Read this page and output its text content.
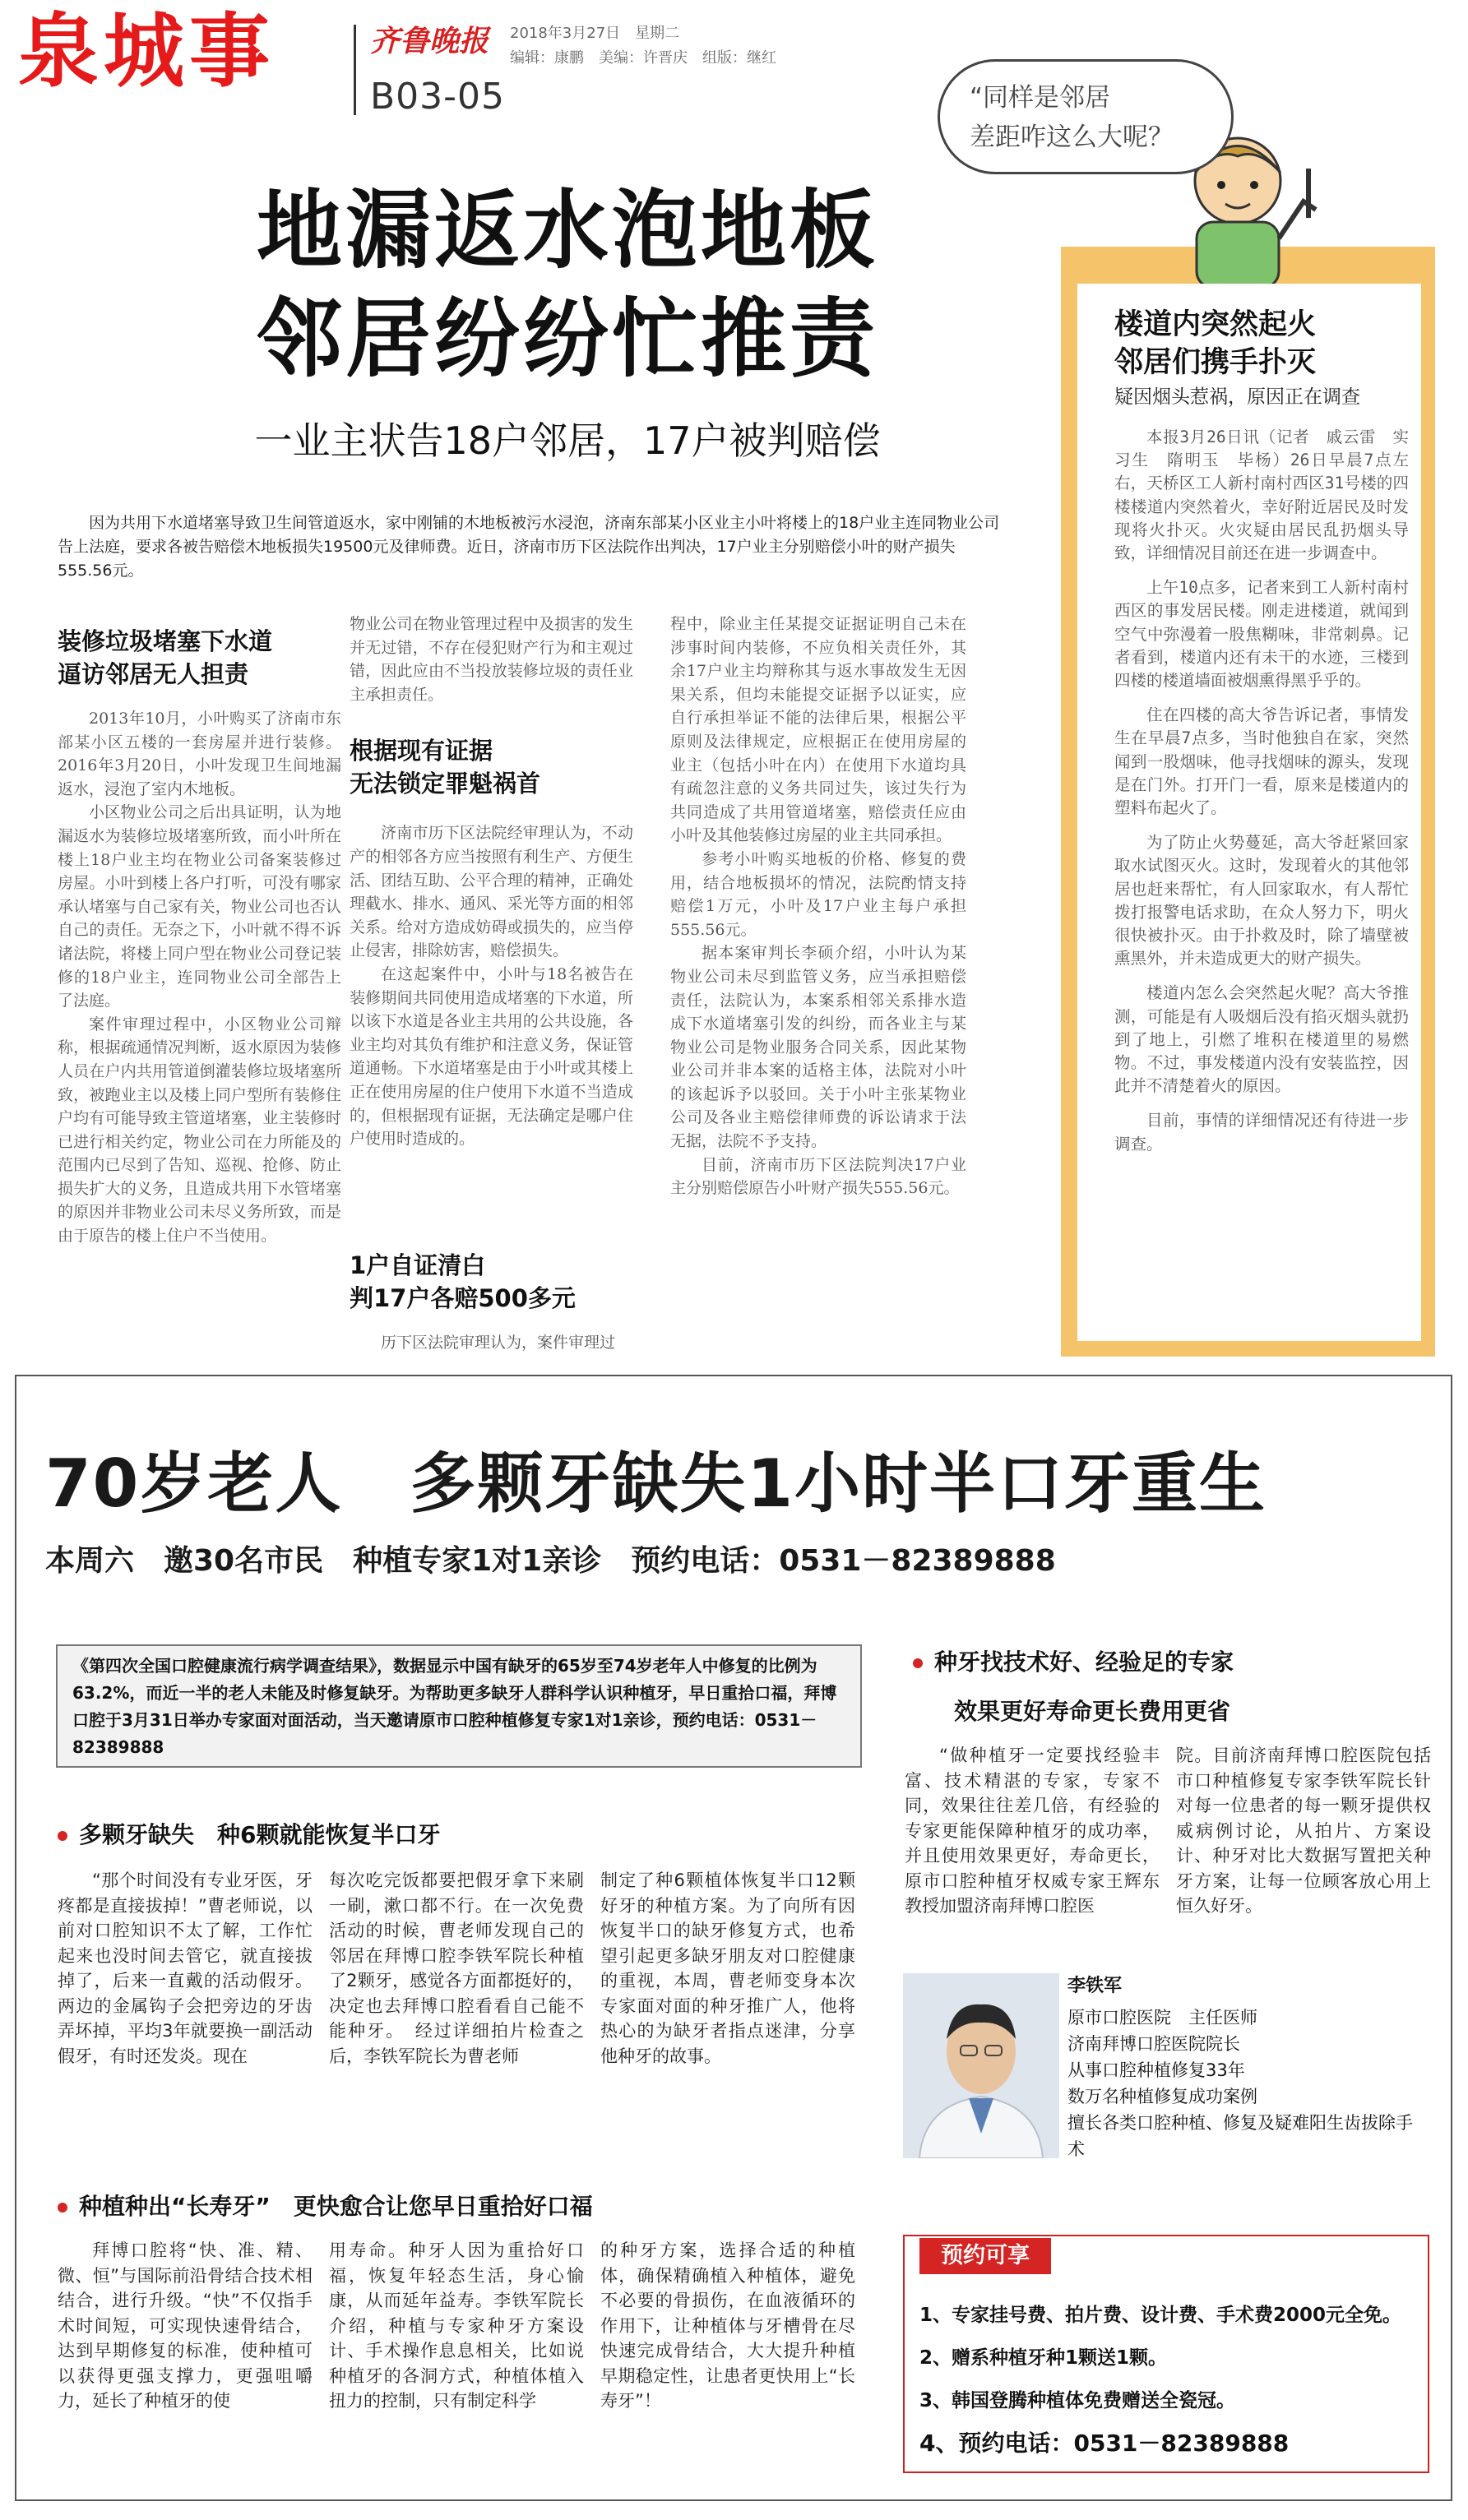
泉城事	齐鲁晚报 2018年3月27日　星期二
编辑：康鹏　美编：许晋庆　组版：继红
B03-05	“同样是邻居
差距咋这么大呢？
楼道内突然起火
邻居们携手扑灭
疑因烟头惹祸，原因正在调查

本报3月26日讯（记者　戚云雷　实习生　隋明玉　毕杨）26日早晨7点左右，天桥区工人新村南村西区31号楼的四楼楼道内突然着火，幸好附近居民及时发现将火扑灭。火灾疑由居民乱扔烟头导致，详细情况目前还在进一步调查中。

上午10点多，记者来到工人新村南村西区的事发居民楼。刚走进楼道，就闻到空气中弥漫着一股焦糊味，非常刺鼻。记者看到，楼道内还有未干的水迹，三楼到四楼的楼道墙面被烟熏得黑乎乎的。

住在四楼的高大爷告诉记者，事情发生在早晨7点多，当时他独自在家，突然闻到一股烟味，他寻找烟味的源头，发现是在门外。打开门一看，原来是楼道内的塑料布起火了。

为了防止火势蔓延，高大爷赶紧回家取水试图灭火。这时，发现着火的其他邻居也赶来帮忙，有人回家取水，有人帮忙拨打报警电话求助，在众人努力下，明火很快被扑灭。由于扑救及时，除了墙壁被熏黑外，并未造成更大的财产损失。

楼道内怎么会突然起火呢？高大爷推测，可能是有人吸烟后没有掐灭烟头就扔到了地上，引燃了堆积在楼道里的易燃物。不过，事发楼道内没有安装监控，因此并不清楚着火的原因。

目前，事情的详细情况还有待进一步调查。

地漏返水泡地板
邻居纷纷忙推责
一业主状告18户邻居，17户被判赔偿
　　因为共用下水道堵塞导致卫生间管道返水，家中刚铺的木地板被污水浸泡，济南东部某小区业主小叶将楼上的18户业主连同物业公司告上法庭，要求各被告赔偿木地板损失19500元及律师费。近日，济南市历下区法院作出判决，17户业主分别赔偿小叶的财产损失555.56元。
装修垃圾堵塞下水道
逼访邻居无人担责

2013年10月，小叶购买了济南市东部某小区五楼的一套房屋并进行装修。2016年3月20日，小叶发现卫生间地漏返水，浸泡了室内木地板。

小区物业公司之后出具证明，认为地漏返水为装修垃圾堵塞所致，而小叶所在楼上18户业主均在物业公司备案装修过房屋。小叶到楼上各户打听，可没有哪家承认堵塞与自己家有关，物业公司也否认自己的责任。无奈之下，小叶就不得不诉诸法院，将楼上同户型在物业公司登记装修的18户业主，连同物业公司全部告上了法庭。

案件审理过程中，小区物业公司辩称，根据疏通情况判断，返水原因为装修人员在户内共用管道倒灌装修垃圾堵塞所致，被跑业主以及楼上同户型所有装修住户均有可能导致主管道堵塞，业主装修时已进行相关约定，物业公司在力所能及的范围内已尽到了告知、巡视、抢修、防止损失扩大的义务，且造成共用下水管堵塞的原因并非物业公司未尽义务所致，而是由于原告的楼上住户不当使用。

物业公司在物业管理过程中及损害的发生并无过错，不存在侵犯财产行为和主观过错，因此应由不当投放装修垃圾的责任业主承担责任。
根据现有证据
无法锁定罪魁祸首

济南市历下区法院经审理认为，不动产的相邻各方应当按照有利生产、方便生活、团结互助、公平合理的精神，正确处理截水、排水、通风、采光等方面的相邻关系。给对方造成妨碍或损失的，应当停止侵害，排除妨害，赔偿损失。

在这起案件中，小叶与18名被告在装修期间共同使用造成堵塞的下水道，所以该下水道是各业主共用的公共设施，各业主均对其负有维护和注意义务，保证管道通畅。下水道堵塞是由于小叶或其楼上正在使用房屋的住户使用下水道不当造成的，但根据现有证据，无法确定是哪户住户使用时造成的。

1户自证清白
判17户各赔500多元

历下区法院审理认为，案件审理过

程中，除业主任某提交证据证明自己未在涉事时间内装修，不应负相关责任外，其余17户业主均辩称其与返水事故发生无因果关系，但均未能提交证据予以证实，应自行承担举证不能的法律后果，根据公平原则及法律规定，应根据正在使用房屋的业主（包括小叶在内）在使用下水道均具有疏忽注意的义务共同过失，该过失行为共同造成了共用管道堵塞，赔偿责任应由小叶及其他装修过房屋的业主共同承担。

参考小叶购买地板的价格、修复的费用，结合地板损坏的情况，法院酌情支持赔偿1万元，小叶及17户业主每户承担555.56元。

据本案审判长李硕介绍，小叶认为某物业公司未尽到监管义务，应当承担赔偿责任，法院认为，本案系相邻关系排水造成下水道堵塞引发的纠纷，而各业主与某物业公司是物业服务合同关系，因此某物业公司并非本案的适格主体，法院对小叶的该起诉予以驳回。关于小叶主张某物业公司及各业主赔偿律师费的诉讼请求于法无据，法院不予支持。

目前，济南市历下区法院判决17户业主分别赔偿原告小叶财产损失555.56元。

70岁老人　多颗牙缺失1小时半口牙重生
本周六　邀30名市民　种植专家1对1亲诊　预约电话：0531－82389888
《第四次全国口腔健康流行病学调查结果》，数据显示中国有缺牙的65岁至74岁老年人中修复的比例为63.2%，而近一半的老人未能及时修复缺牙。为帮助更多缺牙人群科学认识种植牙，早日重拾口福，拜博口腔于3月31日举办专家面对面活动，当天邀请原市口腔种植修复专家1对1亲诊，预约电话：0531－82389888
多颗牙缺失　种6颗就能恢复半口牙

“那个时间没有专业牙医，牙疼都是直接拔掉！”曹老师说，以前对口腔知识不太了解，工作忙起来也没时间去管它，就直接拔掉了，后来一直戴的活动假牙。两边的金属钩子会把旁边的牙齿弄坏掉，平均3年就要换一副活动假牙，有时还发炎。现在

每次吃完饭都要把假牙拿下来刷一刷，漱口都不行。在一次免费活动的时候，曹老师发现自己的邻居在拜博口腔李铁军院长种植了2颗牙，感觉各方面都挺好的，决定也去拜博口腔看看自己能不能种牙。　经过详细拍片检查之后，李铁军院长为曹老师
制定了种6颗植体恢复半口12颗好牙的种植方案。为了向所有因恢复半口的缺牙修复方式，也希望引起更多缺牙朋友对口腔健康的重视，本周，曹老师变身本次专家面对面的种牙推广人，他将热心的为缺牙者指点迷津，分享他种牙的故事。
种植种出“长寿牙”　更快愈合让您早日重拾好口福

拜博口腔将“快、准、精、微、恒”与国际前沿骨结合技术相结合，进行升级。“快”不仅指手术时间短，可实现快速骨结合，达到早期修复的标准，使种植可以获得更强支撑力，更强咀嚼力，延长了种植牙的使

用寿命。种牙人因为重拾好口福，恢复年轻态生活，身心愉康，从而延年益寿。李铁军院长介绍，种植与专家种牙方案设计、手术操作息息相关，比如说种植牙的各洞方式，种植体植入扭力的控制，只有制定科学
的种牙方案，选择合适的种植体，确保精确植入种植体，避免不必要的骨损伤，在血液循环的作用下，让种植体与牙槽骨在尽快速完成骨结合，大大提升种植早期稳定性，让患者更快用上“长寿牙”！
种牙找技术好、经验足的专家
效果更好寿命更长费用更省

“做种植牙一定要找经验丰富、技术精湛的专家，专家不同，效果往往差几倍，有经验的专家更能保障种植牙的成功率，并且使用效果更好，寿命更长，原市口腔种植牙权威专家王辉东教授加盟济南拜博口腔医

院。目前济南拜博口腔医院包括市口种植修复专家李铁军院长针对每一位患者的每一颗牙提供权威病例讨论，从拍片、方案设计、种牙对比大数据写置把关种牙方案，让每一位顾客放心用上恒久好牙。
李铁军
原市口腔医院　主任医师
济南拜博口腔医院院长
从事口腔种植修复33年
数万名种植修复成功案例
擅长各类口腔种植、修复及疑难阳生齿拔除手术
预约可享
1、专家挂号费、拍片费、设计费、手术费2000元全免。
2、赠系种植牙种1颗送1颗。
3、韩国登腾种植体免费赠送全瓷冠。
4、预约电话：0531－82389888
